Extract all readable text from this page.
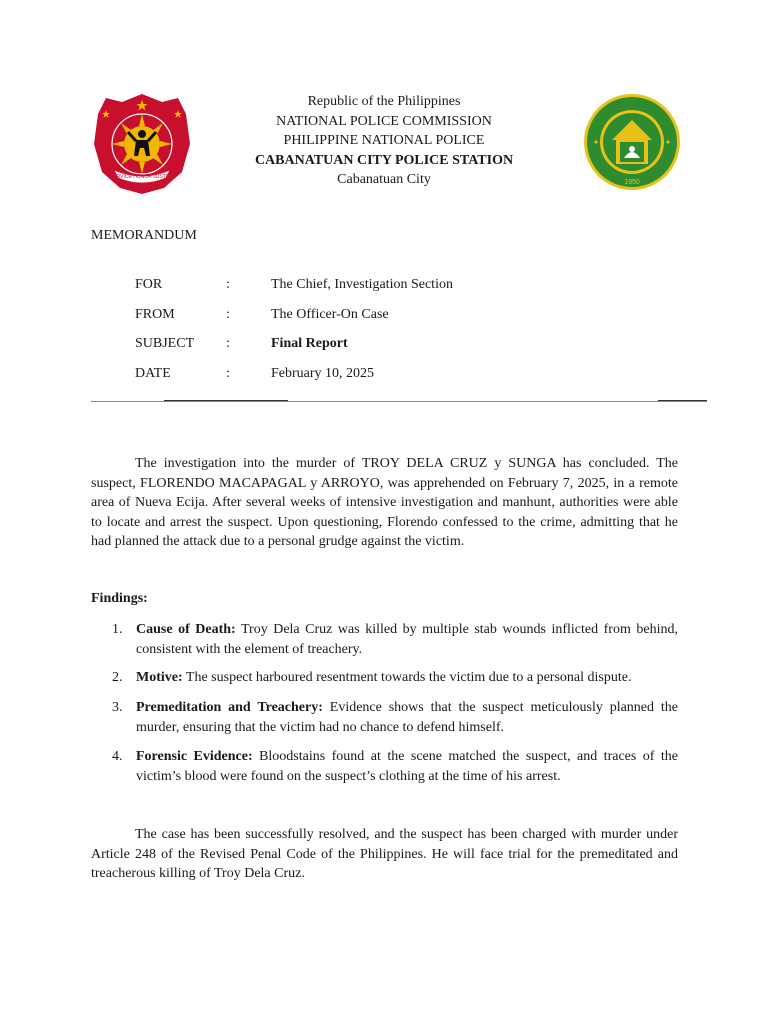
SERVICE HONOR JUSTICE
Republic of the Philippines
NATIONAL POLICE COMMISSION
PHILIPPINE NATIONAL POLICE
CABANATUAN CITY POLICE STATION
Cabanatuan City	1950
MEMORANDUM
FOR	:	The Chief, Investigation Section
FROM	:	The Officer-On Case
SUBJECT :	Final Report
DATE	:	February 10, 2025

The investigation into the murder of TROY DELA CRUZ y SUNGA has concluded. The suspect, FLORENDO MACAPAGAL y ARROYO, was apprehended on February 7, 2025, in a remote area of Nueva Ecija. After several weeks of intensive investigation and manhunt, authorities were able to locate and arrest the suspect. Upon questioning, Florendo confessed to the crime, admitting that he had planned the attack due to a personal grudge against the victim.

Findings:
1. Cause of Death: Troy Dela Cruz was killed by multiple stab wounds inflicted from behind, consistent with the element of treachery.
2. Motive: The suspect harboured resentment towards the victim due to a personal dispute.
3. Premeditation and Treachery: Evidence shows that the suspect meticulously planned the murder, ensuring that the victim had no chance to defend himself.
4. Forensic Evidence: Bloodstains found at the scene matched the suspect, and traces of the victim’s blood were found on the suspect’s clothing at the time of his arrest.

The case has been successfully resolved, and the suspect has been charged with murder under Article 248 of the Revised Penal Code of the Philippines. He will face trial for the premeditated and treacherous killing of Troy Dela Cruz.
